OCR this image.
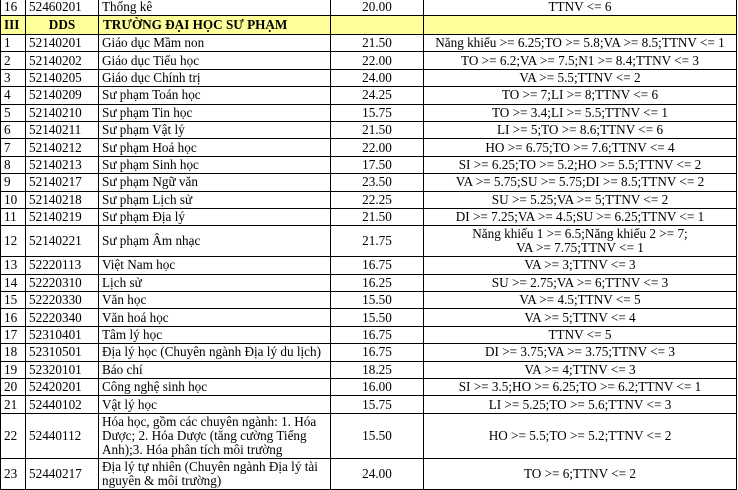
16	52460201	Thống kê	20.00	TTNV <= 6
III	DDS	TRƯỜNG ĐẠI HỌC SƯ PHẠM		
1	52140201	Giáo dục Mầm non	21.50	Năng khiếu >= 6.25;TO >= 5.8;VA >= 8.5;TTNV <= 1
2	52140202	Giáo dục Tiểu học	22.00	TO >= 6.2;VA >= 7.5;N1 >= 8.4;TTNV <= 3
3	52140205	Giáo dục Chính trị	24.00	VA >= 5.5;TTNV <= 2
4	52140209	Sư phạm Toán học	24.25	TO >= 7;LI >= 8;TTNV <= 6
5	52140210	Sư phạm Tin học	15.75	TO >= 3.4;LI >= 5.5;TTNV <= 1
6	52140211	Sư phạm Vật lý	21.50	LI >= 5;TO >= 8.6;TTNV <= 6
7	52140212	Sư phạm Hoá học	22.00	HO >= 6.75;TO >= 7.6;TTNV <= 4
8	52140213	Sư phạm Sinh học	17.50	SI >= 6.25;TO >= 5.2;HO >= 5.5;TTNV <= 2
9	52140217	Sư phạm Ngữ văn	23.50	VA >= 5.75;SU >= 5.75;DI >= 8.5;TTNV <= 2
10	52140218	Sư phạm Lịch sử	22.25	SU >= 5.25;VA >= 5;TTNV <= 2
11	52140219	Sư phạm Địa lý	21.50	DI >= 7.25;VA >= 4.5;SU >= 6.25;TTNV <= 1
12	52140221	Sư phạm Âm nhạc	21.75	Năng khiếu 1 >= 6.5;Năng khiếu 2 >= 7;
VA >= 7.75;TTNV <= 1
13	52220113	Việt Nam học	16.75	VA >= 3;TTNV <= 3
14	52220310	Lịch sử	16.25	SU >= 2.75;VA >= 6;TTNV <= 3
15	52220330	Văn học	15.50	VA >= 4.5;TTNV <= 5
16	52220340	Văn hoá học	15.50	VA >= 5;TTNV <= 4
17	52310401	Tâm lý học	16.75	TTNV <= 5
18	52310501	Địa lý học (Chuyên ngành Địa lý du lịch)	16.75	DI >= 3.75;VA >= 3.75;TTNV <= 3
19	52320101	Báo chí	18.25	VA >= 4;TTNV <= 3
20	52420201	Công nghệ sinh học	16.00	SI >= 3.5;HO >= 6.25;TO >= 6.2;TTNV <= 1
21	52440102	Vật lý học	15.75	LI >= 5.25;TO >= 5.6;TTNV <= 3
22	52440112	Hóa học, gồm các chuyên ngành: 1. Hóa
Dược; 2. Hóa Dược (tăng cường Tiếng
Anh);3. Hóa phân tích môi trường	15.50	HO >= 5.5;TO >= 5.2;TTNV <= 2
23	52440217	Địa lý tự nhiên (Chuyên ngành Địa lý tài
nguyên & môi trường)	24.00	TO >= 6;TTNV <= 2
